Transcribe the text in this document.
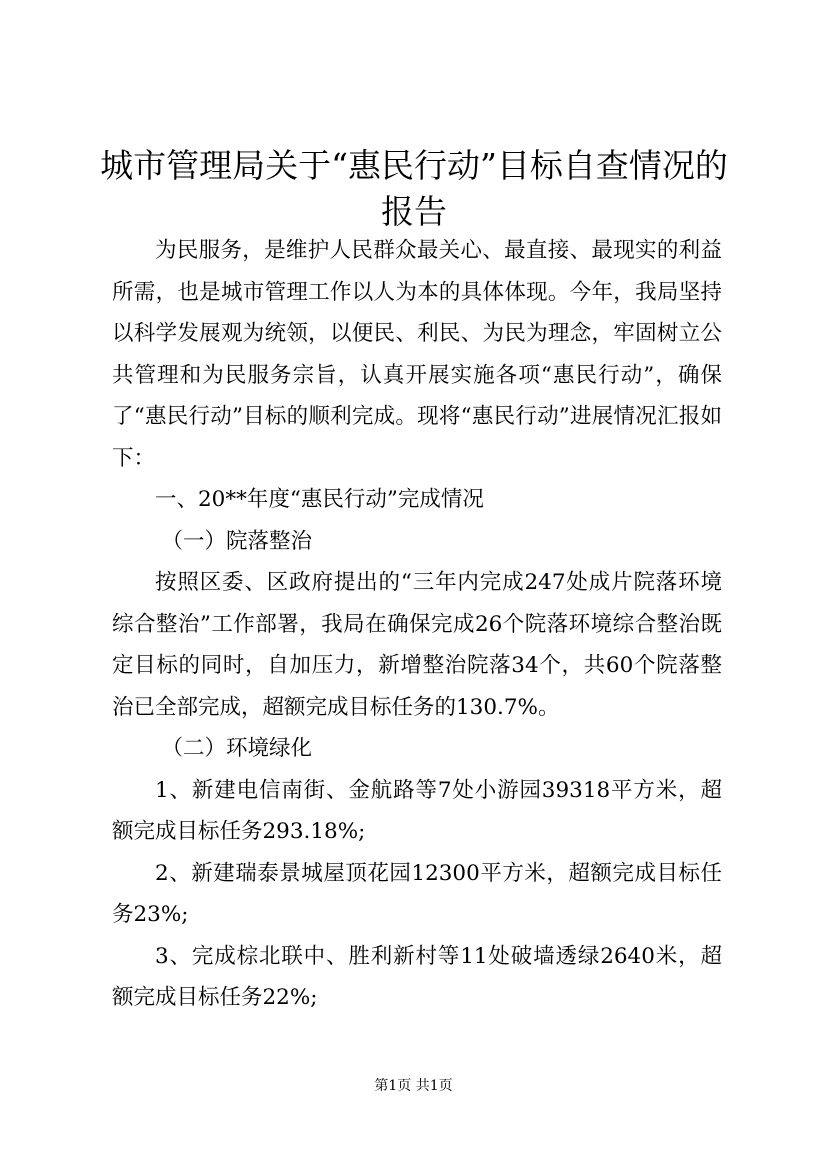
城市管理局关于“惠民行动”目标自查情况的报告

为民服务，是维护人民群众最关心、最直接、最现实的利益所需，也是城市管理工作以人为本的具体体现。今年，我局坚持以科学发展观为统领，以便民、利民、为民为理念，牢固树立公共管理和为民服务宗旨，认真开展实施各项“惠民行动”，确保了“惠民行动”目标的顺利完成。现将“惠民行动”进展情况汇报如下：

一、20**年度“惠民行动”完成情况

（一）院落整治

按照区委、区政府提出的“三年内完成247处成片院落环境综合整治”工作部署，我局在确保完成26个院落环境综合整治既定目标的同时，自加压力，新增整治院落34个，共60个院落整治已全部完成，超额完成目标任务的130.7%。

（二）环境绿化

1、新建电信南街、金航路等7处小游园39318平方米，超额完成目标任务293.18%;

2、新建瑞泰景城屋顶花园12300平方米，超额完成目标任务23%;

3、完成棕北联中、胜利新村等11处破墙透绿2640米，超额完成目标任务22%;

第1页 共1页
